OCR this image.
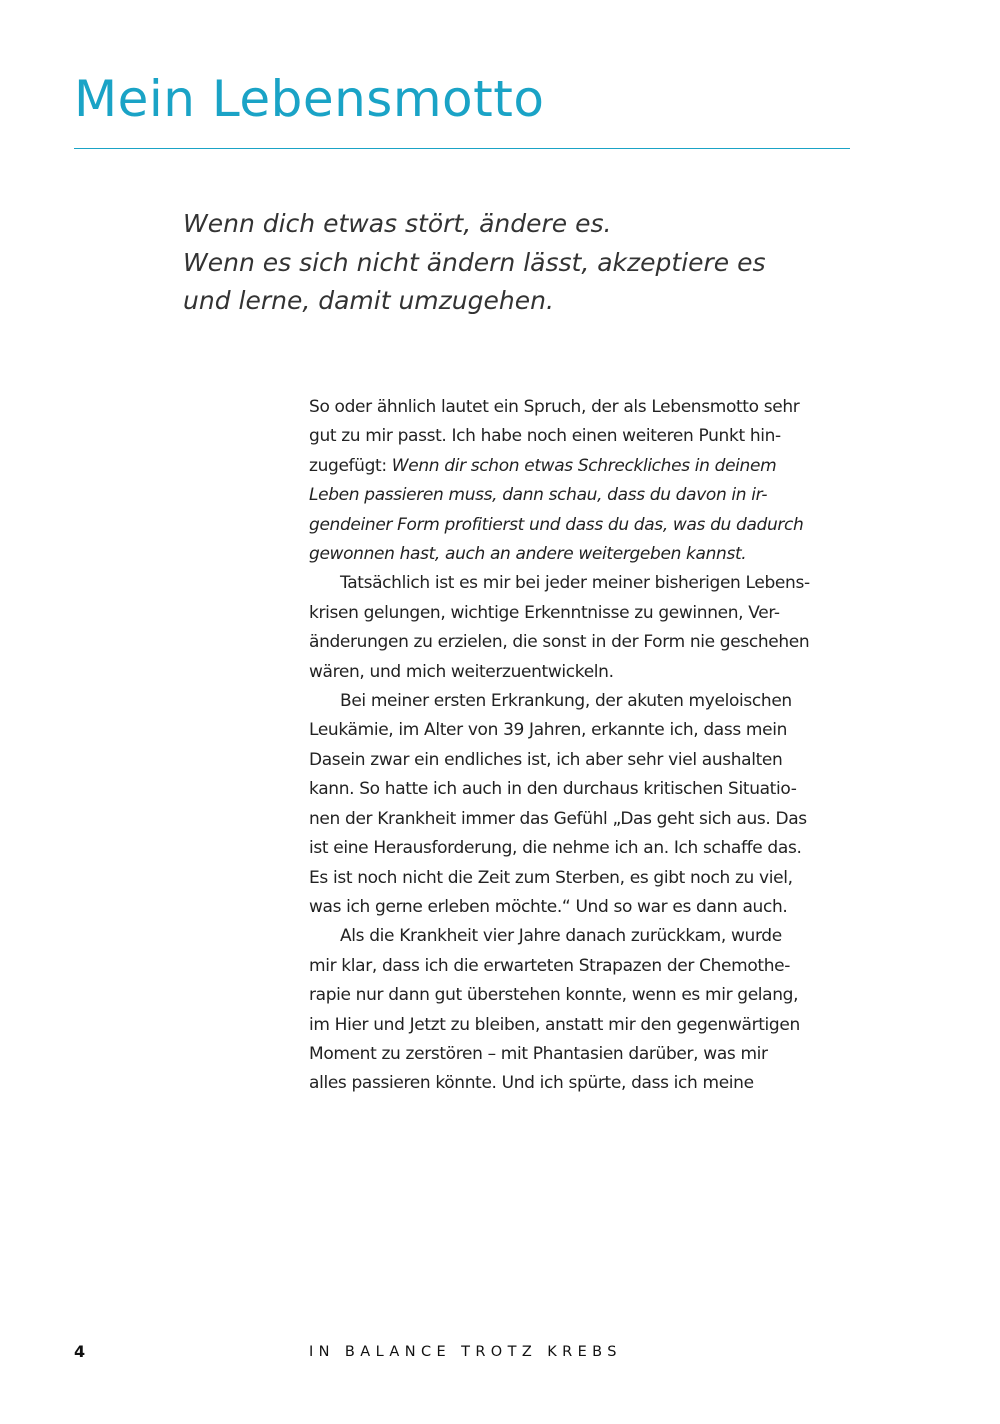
Mein Lebensmotto
Wenn dich etwas stört, ändere es.
Wenn es sich nicht ändern lässt, akzeptiere es
und lerne, damit umzugehen.
So oder ähnlich lautet ein Spruch, der als Lebensmotto sehr
gut zu mir passt. Ich habe noch einen weiteren Punkt hin-
zugefügt: Wenn dir schon etwas Schreckliches in deinem
Leben passieren muss, dann schau, dass du davon in ir-
gendeiner Form profitierst und dass du das, was du dadurch
gewonnen hast, auch an andere weitergeben kannst.
Tatsächlich ist es mir bei jeder meiner bisherigen Lebens-
krisen gelungen, wichtige Erkenntnisse zu gewinnen, Ver-
änderungen zu erzielen, die sonst in der Form nie geschehen
wären, und mich weiterzuentwickeln.
Bei meiner ersten Erkrankung, der akuten myeloischen
Leukämie, im Alter von 39 Jahren, erkannte ich, dass mein
Dasein zwar ein endliches ist, ich aber sehr viel aushalten
kann. So hatte ich auch in den durchaus kritischen Situatio-
nen der Krankheit immer das Gefühl „Das geht sich aus. Das
ist eine Herausforderung, die nehme ich an. Ich schaffe das.
Es ist noch nicht die Zeit zum Sterben, es gibt noch zu viel,
was ich gerne erleben möchte.“ Und so war es dann auch.
Als die Krankheit vier Jahre danach zurückkam, wurde
mir klar, dass ich die erwarteten Strapazen der Chemothe-
rapie nur dann gut überstehen konnte, wenn es mir gelang,
im Hier und Jetzt zu bleiben, anstatt mir den gegenwärtigen
Moment zu zerstören – mit Phantasien darüber, was mir
alles passieren könnte. Und ich spürte, dass ich meine
4	IN BALANCE TROTZ KREBS
